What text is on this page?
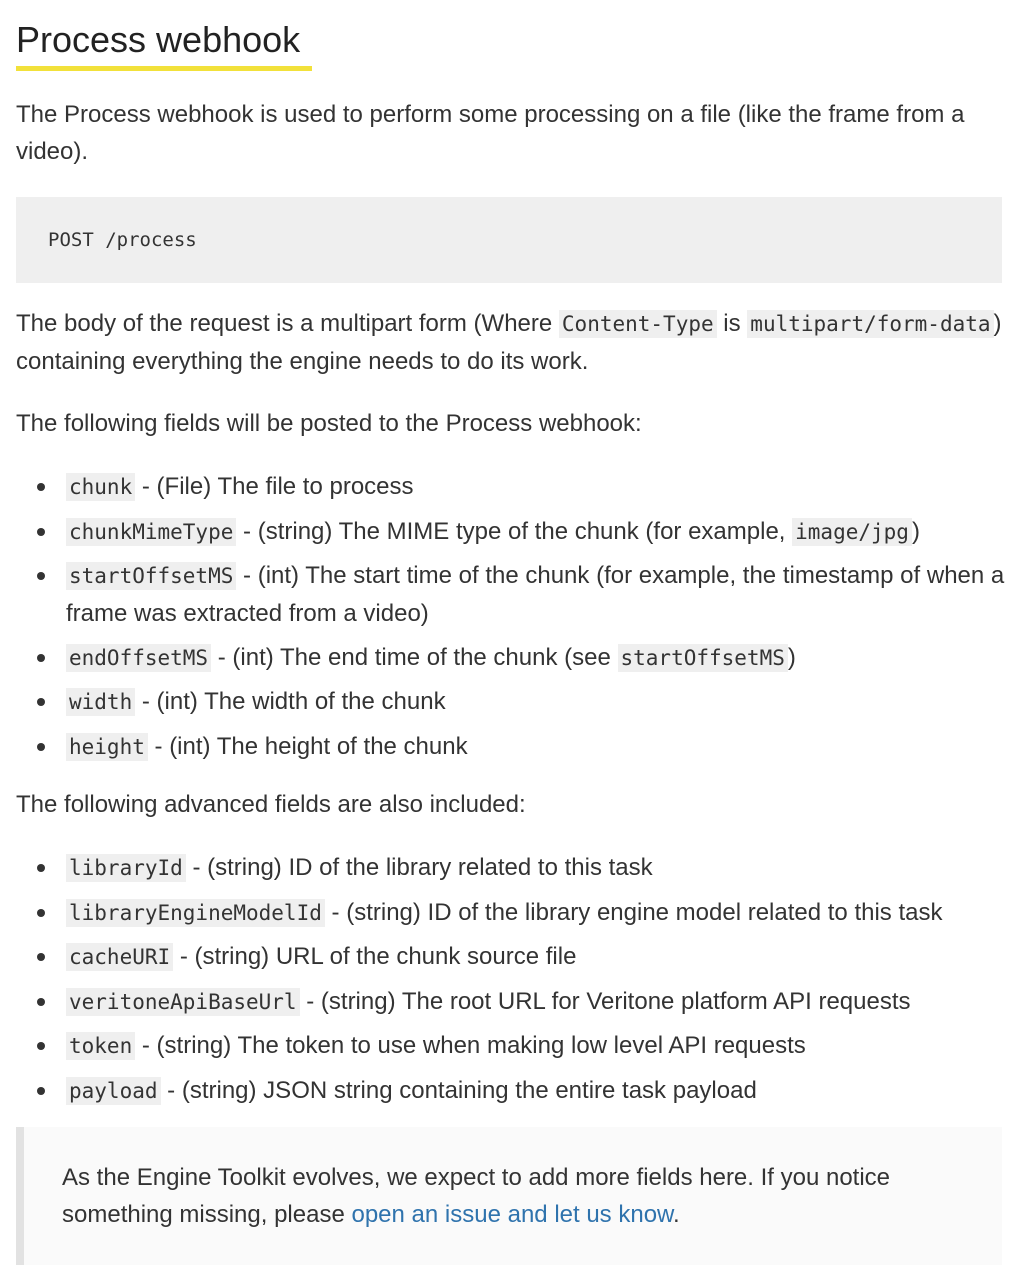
Process webhook

The Process webhook is used to perform some processing on a file (like the frame from a video).

POST /process

The body of the request is a multipart form (Where Content-Type is multipart/form-data ) containing everything the engine needs to do its work.

The following fields will be posted to the Process webhook:

chunk - (File) The file to process
chunkMimeType - (string) The MIME type of the chunk (for example, image/jpg )
startOffsetMS - (int) The start time of the chunk (for example, the timestamp of when a frame was extracted from a video)
endOffsetMS - (int) The end time of the chunk (see startOffsetMS )
width - (int) The width of the chunk
height - (int) The height of the chunk

The following advanced fields are also included:

libraryId - (string) ID of the library related to this task
libraryEngineModelId - (string) ID of the library engine model related to this task
cacheURI - (string) URL of the chunk source file
veritoneApiBaseUrl - (string) The root URL for Veritone platform API requests
token - (string) The token to use when making low level API requests
payload - (string) JSON string containing the entire task payload

As the Engine Toolkit evolves, we expect to add more fields here. If you notice something missing, please open an issue and let us know.
